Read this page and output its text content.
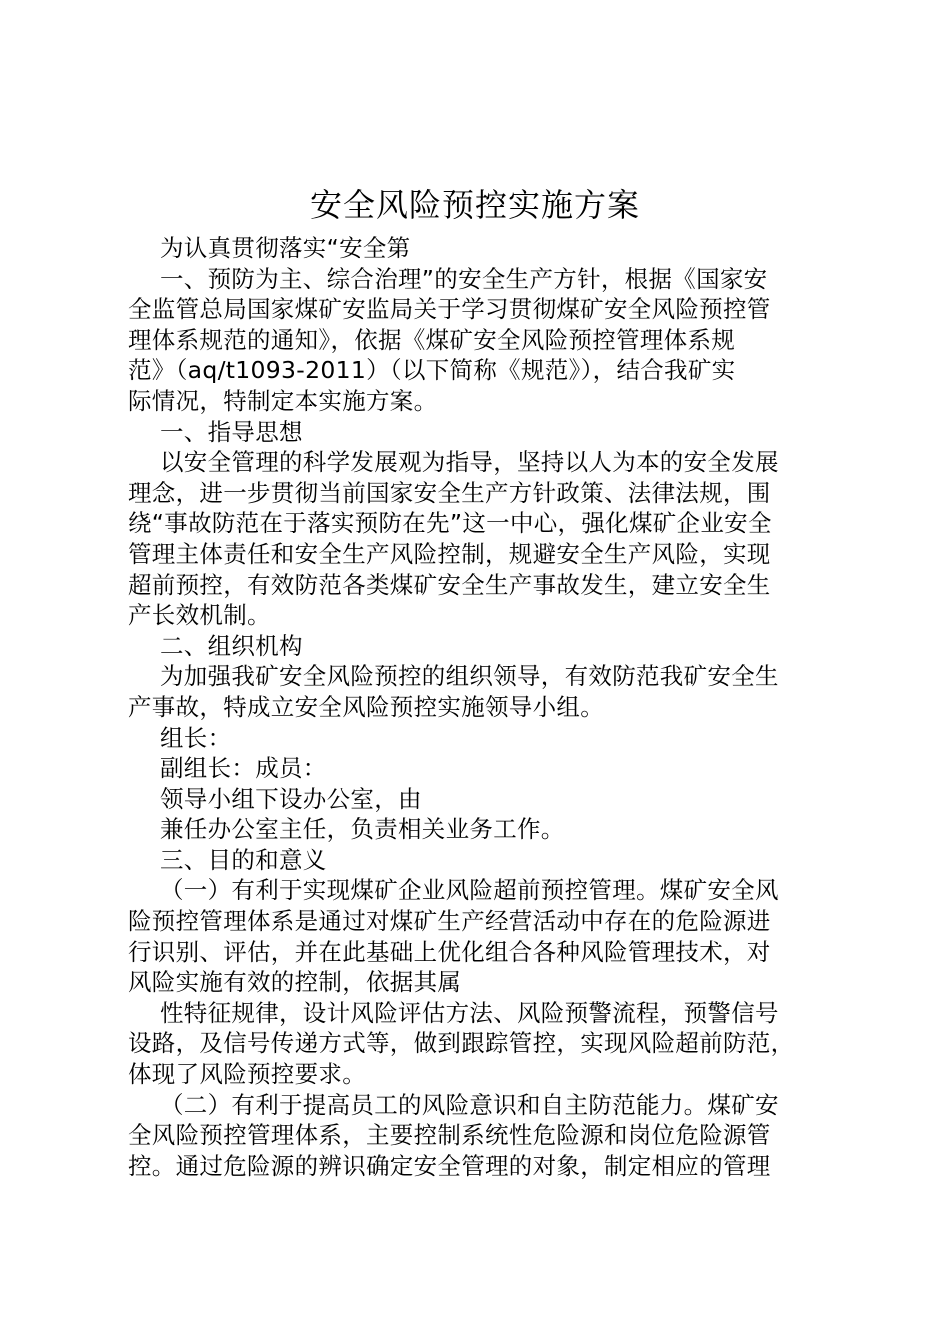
安全风险预控实施方案
为认真贯彻落实“安全第
一、预防为主、综合治理”的安全生产方针，根据《国家安
全监管总局国家煤矿安监局关于学习贯彻煤矿安全风险预控管
理体系规范的通知》，依据《煤矿安全风险预控管理体系规
范》（aq/t1093-2011）（以下简称《规范》），结合我矿实
际情况，特制定本实施方案。
一、指导思想
以安全管理的科学发展观为指导，坚持以人为本的安全发展
理念，进一步贯彻当前国家安全生产方针政策、法律法规，围
绕“事故防范在于落实预防在先”这一中心，强化煤矿企业安全
管理主体责任和安全生产风险控制，规避安全生产风险，实现
超前预控，有效防范各类煤矿安全生产事故发生，建立安全生
产长效机制。
二、组织机构
为加强我矿安全风险预控的组织领导，有效防范我矿安全生
产事故，特成立安全风险预控实施领导小组。
组长：
副组长：成员：
领导小组下设办公室，由
兼任办公室主任，负责相关业务工作。
三、目的和意义
（一）有利于实现煤矿企业风险超前预控管理。煤矿安全风
险预控管理体系是通过对煤矿生产经营活动中存在的危险源进
行识别、评估，并在此基础上优化组合各种风险管理技术，对
风险实施有效的控制，依据其属
性特征规律，设计风险评估方法、风险预警流程，预警信号
设路，及信号传递方式等，做到跟踪管控，实现风险超前防范，
体现了风险预控要求。
（二）有利于提高员工的风险意识和自主防范能力。煤矿安
全风险预控管理体系，主要控制系统性危险源和岗位危险源管
控。通过危险源的辨识确定安全管理的对象，制定相应的管理
